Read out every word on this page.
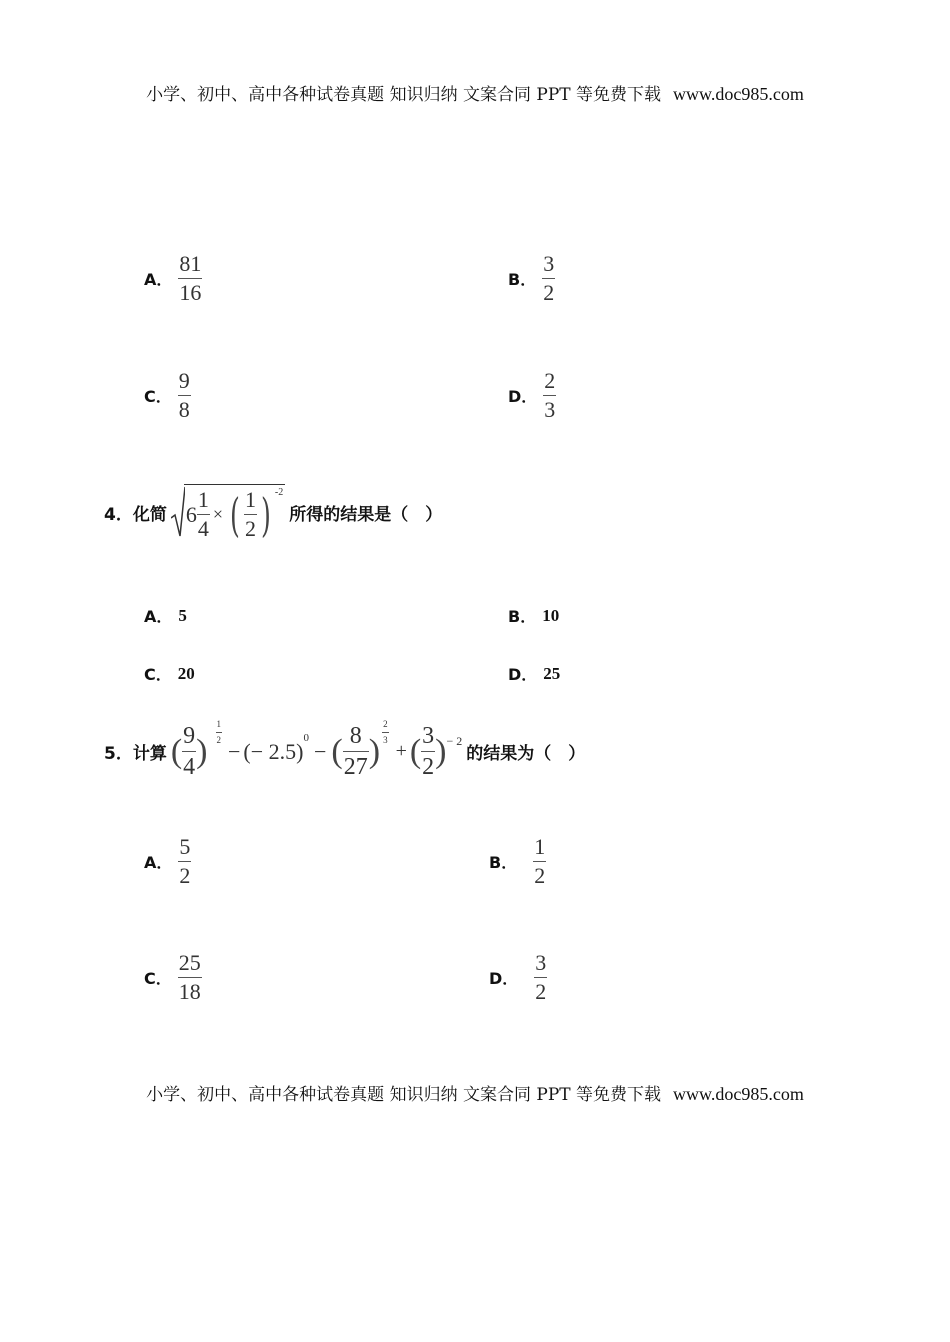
小学、初中、高中各种试卷真题 知识归纳 文案合同 PPT 等免费下载 www.doc985.com
A． $\frac{81}{16}$	B． $\frac{3}{2}$
C． $\frac{9}{8}$	D． $\frac{2}{3}$
4． 化简 $6 \frac{1}{4}$ × ( $\frac{1}{2}$ ) -2
所得的结果是（　）
A． 5	B． 10
C． 20	D． 25
5． 计算 ( $\frac{9}{4}$ ) $\frac{1}{2}$
− (− 2.5)
0
− ( $\frac{8}{27}$ ) $\frac{2}{3}$
+ ( $\frac{3}{2}$ ) − 2
的结果为（　）
A． $\frac{5}{2}$	B． $\frac{1}{2}$
C． $\frac{25}{18}$	D． $\frac{3}{2}$
小学、初中、高中各种试卷真题 知识归纳 文案合同 PPT 等免费下载 www.doc985.com
